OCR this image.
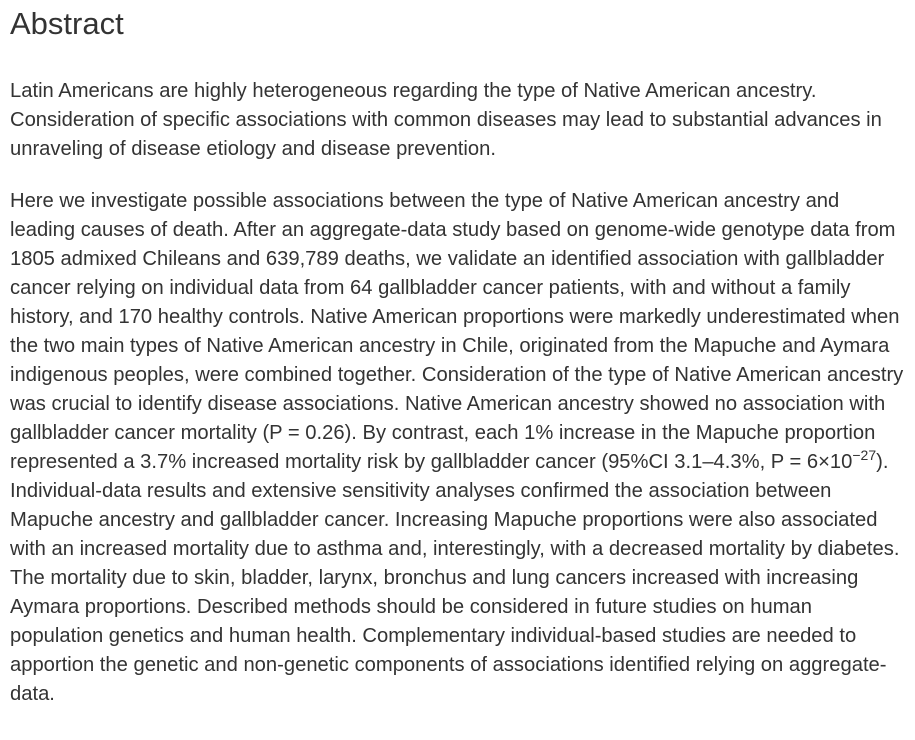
Abstract

Latin Americans are highly heterogeneous regarding the type of Native American ancestry. Consideration of specific associations with common diseases may lead to substantial advances in unraveling of disease etiology and disease prevention.

Here we investigate possible associations between the type of Native American ancestry and leading causes of death. After an aggregate-data study based on genome-wide genotype data from 1805 admixed Chileans and 639,789 deaths, we validate an identified association with gallbladder cancer relying on individual data from 64 gallbladder cancer patients, with and without a family history, and 170 healthy controls. Native American proportions were markedly underestimated when the two main types of Native American ancestry in Chile, originated from the Mapuche and Aymara indigenous peoples, were combined together. Consideration of the type of Native American ancestry was crucial to identify disease associations. Native American ancestry showed no association with gallbladder cancer mortality (P = 0.26). By contrast, each 1% increase in the Mapuche proportion represented a 3.7% increased mortality risk by gallbladder cancer (95%CI 3.1–4.3%, $P = 6\times 10^{-27}$). Individual-data results and extensive sensitivity analyses confirmed the association between Mapuche ancestry and gallbladder cancer. Increasing Mapuche proportions were also associated with an increased mortality due to asthma and, interestingly, with a decreased mortality by diabetes. The mortality due to skin, bladder, larynx, bronchus and lung cancers increased with increasing Aymara proportions. Described methods should be considered in future studies on human population genetics and human health. Complementary individual-based studies are needed to apportion the genetic and non-genetic components of associations identified relying on aggregate-data.
